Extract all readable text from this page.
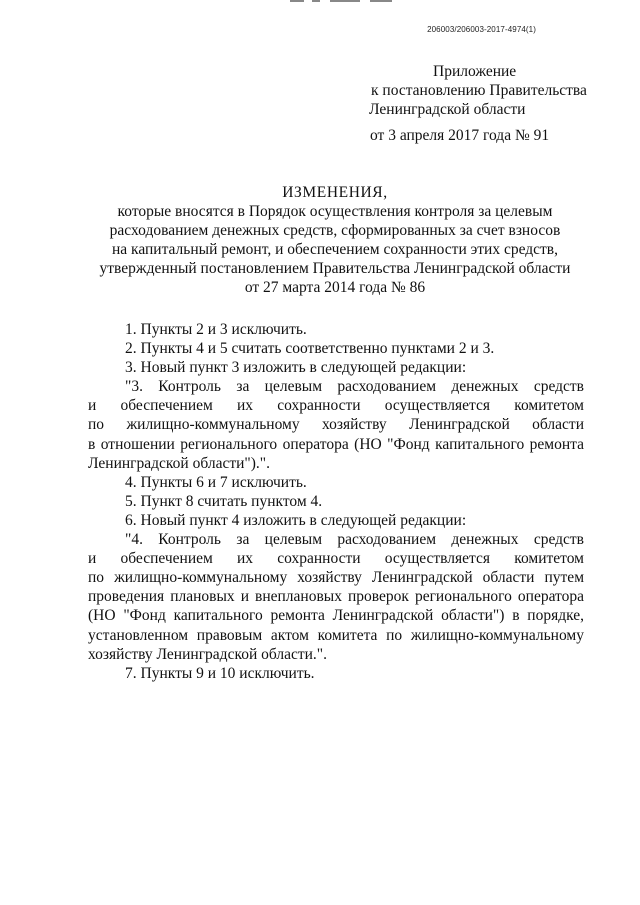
206003/206003-2017-4974(1)
Приложение
к постановлению Правительства
Ленинградской области
от 3 апреля 2017 года № 91
ИЗМЕНЕНИЯ,
которые вносятся в Порядок осуществления контроля за целевым
расходованием денежных средств, сформированных за счет взносов
на капитальный ремонт, и обеспечением сохранности этих средств,
утвержденный постановлением Правительства Ленинградской области
от 27 марта 2014 года № 86
1. Пункты 2 и 3 исключить.
2. Пункты 4 и 5 считать соответственно пунктами 2 и 3.
3. Новый пункт 3 изложить в следующей редакции:
"3. Контроль за целевым расходованием денежных средств
и обеспечением их сохранности осуществляется комитетом
по жилищно-коммунальному хозяйству Ленинградской области
в отношении регионального оператора (НО "Фонд капитального ремонта
Ленинградской области").".
4. Пункты 6 и 7 исключить.
5. Пункт 8 считать пунктом 4.
6. Новый пункт 4 изложить в следующей редакции:
"4. Контроль за целевым расходованием денежных средств
и обеспечением их сохранности осуществляется комитетом
по жилищно-коммунальному хозяйству Ленинградской области путем
проведения плановых и внеплановых проверок регионального оператора
(НО "Фонд капитального ремонта Ленинградской области") в порядке,
установленном правовым актом комитета по жилищно-коммунальному
хозяйству Ленинградской области.".
7. Пункты 9 и 10 исключить.
